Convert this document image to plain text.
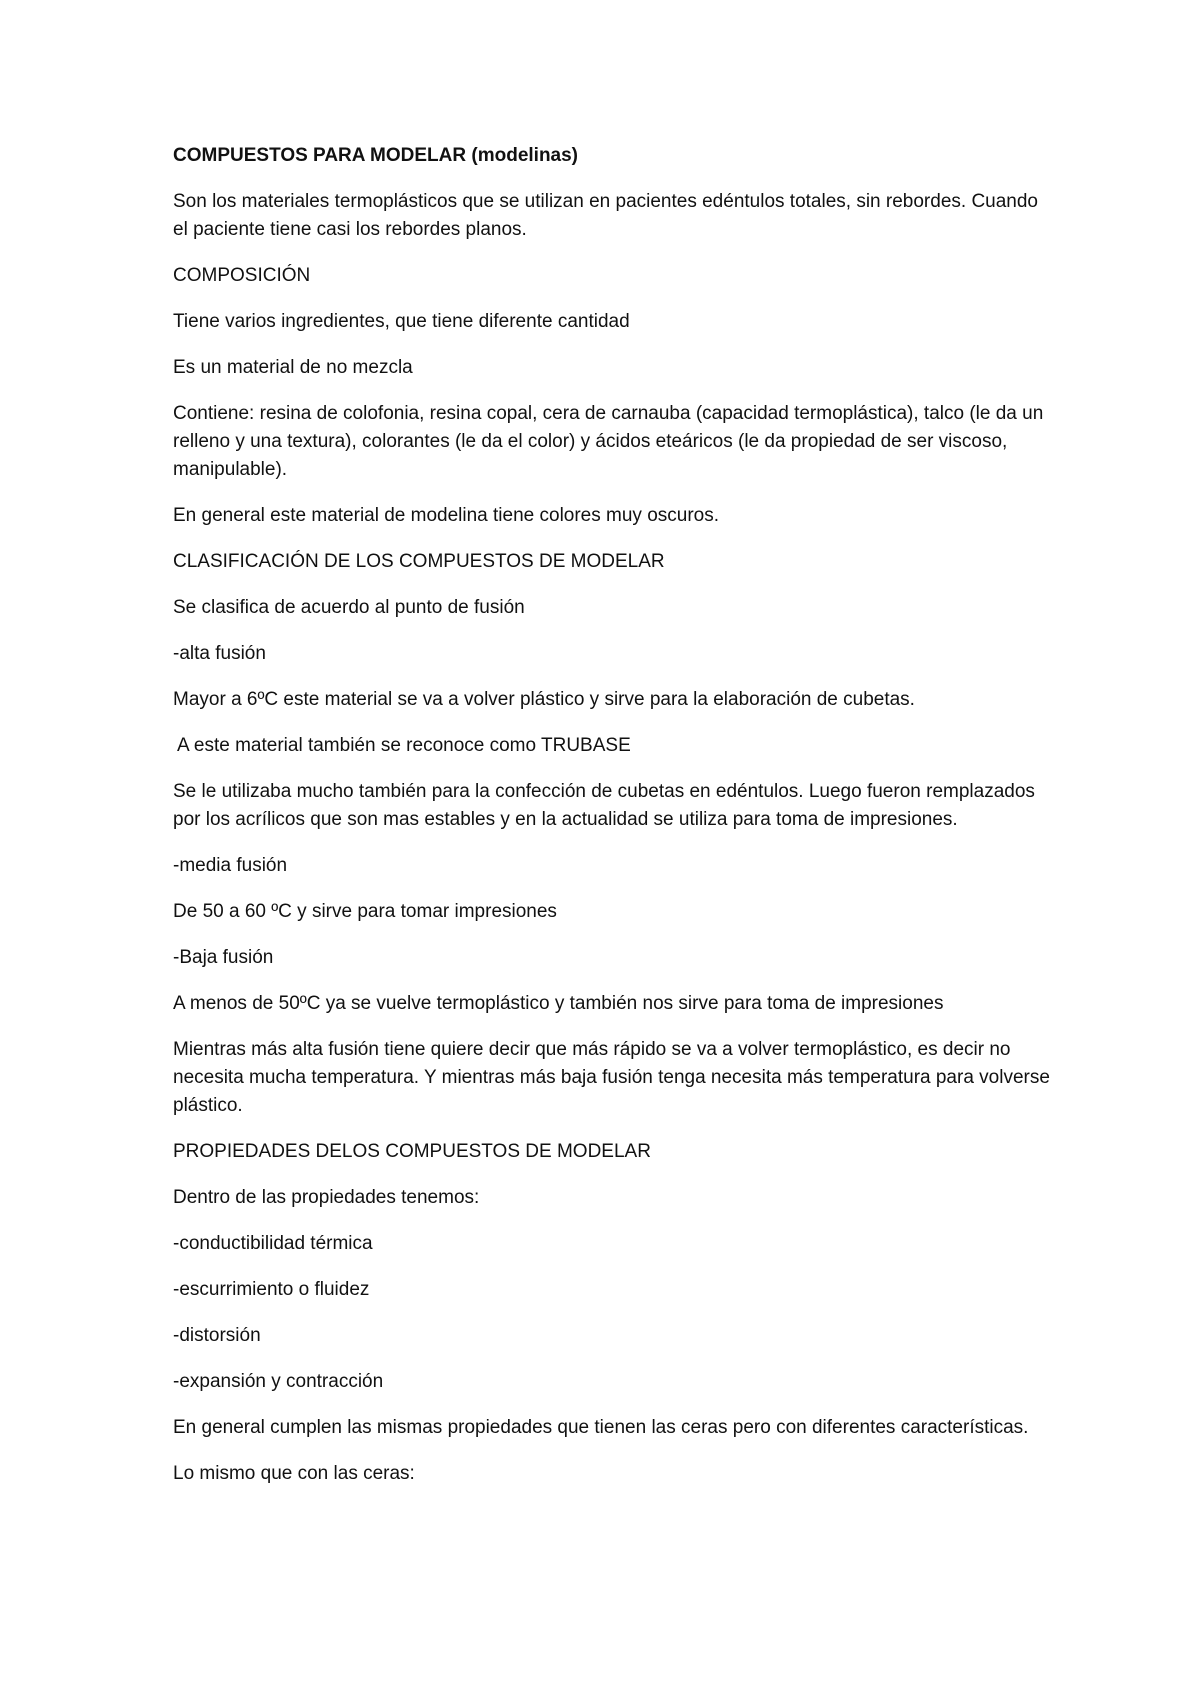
COMPUESTOS PARA MODELAR (modelinas)

Son los materiales termoplásticos que se utilizan en pacientes edéntulos totales, sin rebordes. Cuando el paciente tiene casi los rebordes planos.

COMPOSICIÓN

Tiene varios ingredientes, que tiene diferente cantidad

Es un material de no mezcla

Contiene: resina de colofonia, resina copal, cera de carnauba (capacidad termoplástica), talco (le da un relleno y una textura), colorantes (le da el color) y ácidos eteáricos (le da propiedad de ser viscoso, manipulable).

En general este material de modelina tiene colores muy oscuros.

CLASIFICACIÓN DE LOS COMPUESTOS DE MODELAR

Se clasifica de acuerdo al punto de fusión

-alta fusión

Mayor a 6ºC este material se va a volver plástico y sirve para la elaboración de cubetas.

A este material también se reconoce como TRUBASE

Se le utilizaba mucho también para la confección de cubetas en edéntulos. Luego fueron remplazados por los acrílicos que son mas estables y en la actualidad se utiliza para toma de impresiones.

-media fusión

De 50 a 60 ºC y sirve para tomar impresiones

-Baja fusión

A menos de 50ºC ya se vuelve termoplástico y también nos sirve para toma de impresiones

Mientras más alta fusión tiene quiere decir que más rápido se va a volver termoplástico, es decir no necesita mucha temperatura. Y mientras más baja fusión tenga necesita más temperatura para volverse plástico.

PROPIEDADES DELOS COMPUESTOS DE MODELAR

Dentro de las propiedades tenemos:

-conductibilidad térmica

-escurrimiento o fluidez

-distorsión

-expansión y contracción

En general cumplen las mismas propiedades que tienen las ceras pero con diferentes características.

Lo mismo que con las ceras:
